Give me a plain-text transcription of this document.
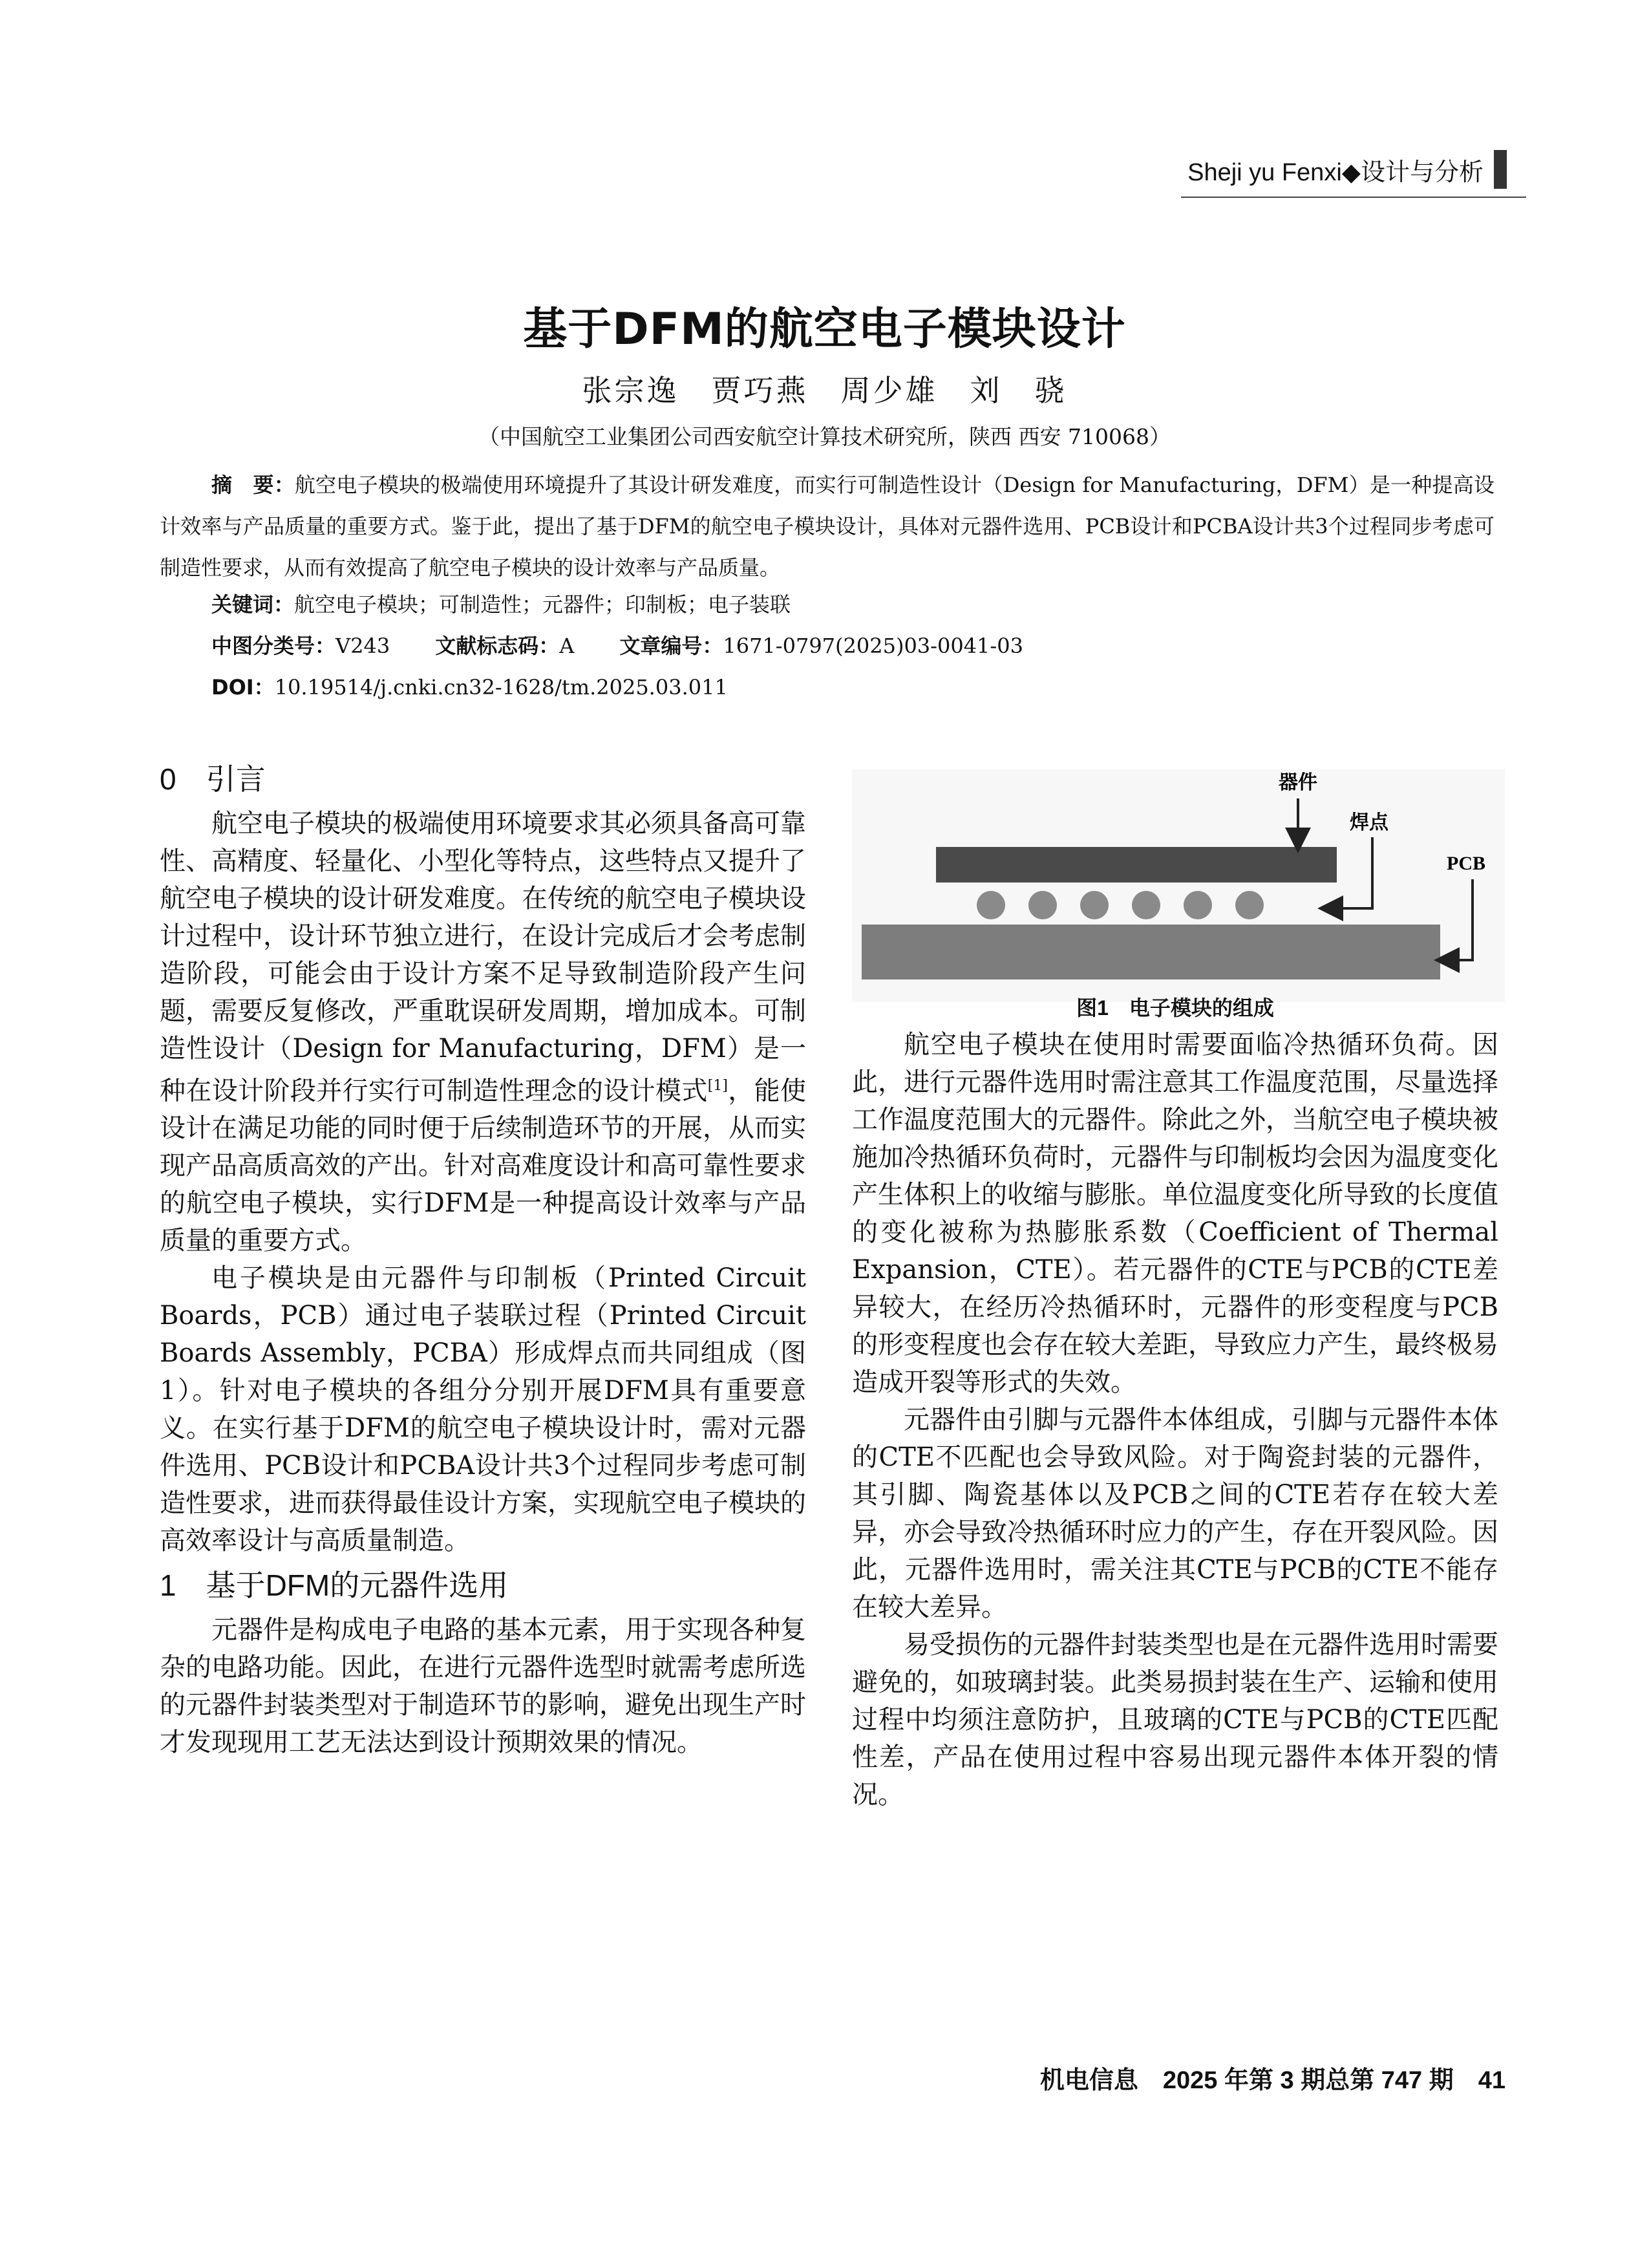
Sheji yu Fenxi◆设计与分析
基于DFM的航空电子模块设计
张宗逸　贾巧燕　周少雄　刘　骁
（中国航空工业集团公司西安航空计算技术研究所，陕西 西安 710068）
摘　要：航空电子模块的极端使用环境提升了其设计研发难度，而实行可制造性设计（Design for Manufacturing，DFM）是一种提高设计效率与产品质量的重要方式。鉴于此，提出了基于DFM的航空电子模块设计，具体对元器件选用、PCB设计和PCBA设计共3个过程同步考虑可制造性要求，从而有效提高了航空电子模块的设计效率与产品质量。
关键词：航空电子模块；可制造性；元器件；印制板；电子装联
中图分类号：V243 文献标志码：A 文章编号：1671-0797(2025)03-0041-03
DOI：10.19514/j.cnki.cn32-1628/tm.2025.03.011

0　引言

航空电子模块的极端使用环境要求其必须具备高可靠性、高精度、轻量化、小型化等特点，这些特点又提升了航空电子模块的设计研发难度。在传统的航空电子模块设计过程中，设计环节独立进行，在设计完成后才会考虑制造阶段，可能会由于设计方案不足导致制造阶段产生问题，需要反复修改，严重耽误研发周期，增加成本。可制造性设计（Design for Manufacturing，DFM）是一种在设计阶段并行实行可制造性理念的设计模式[1]，能使设计在满足功能的同时便于后续制造环节的开展，从而实现产品高质高效的产出。针对高难度设计和高可靠性要求的航空电子模块，实行DFM是一种提高设计效率与产品质量的重要方式。

电子模块是由元器件与印制板（Printed Circuit Boards，PCB）通过电子装联过程（Printed Circuit Boards Assembly，PCBA）形成焊点而共同组成（图1）。针对电子模块的各组分分别开展DFM具有重要意义。在实行基于DFM的航空电子模块设计时，需对元器件选用、PCB设计和PCBA设计共3个过程同步考虑可制造性要求，进而获得最佳设计方案，实现航空电子模块的高效率设计与高质量制造。

1　基于DFM的元器件选用

元器件是构成电子电路的基本元素，用于实现各种复杂的电路功能。因此，在进行元器件选型时就需考虑所选的元器件封装类型对于制造环节的影响，避免出现生产时才发现现用工艺无法达到设计预期效果的情况。

器件
焊点
PCB
图1　电子模块的组成

航空电子模块在使用时需要面临冷热循环负荷。因此，进行元器件选用时需注意其工作温度范围，尽量选择工作温度范围大的元器件。除此之外，当航空电子模块被施加冷热循环负荷时，元器件与印制板均会因为温度变化产生体积上的收缩与膨胀。单位温度变化所导致的长度值的变化被称为热膨胀系数（Coefficient of Thermal Expansion，CTE）。若元器件的CTE与PCB的CTE差异较大，在经历冷热循环时，元器件的形变程度与PCB的形变程度也会存在较大差距，导致应力产生，最终极易造成开裂等形式的失效。

元器件由引脚与元器件本体组成，引脚与元器件本体的CTE不匹配也会导致风险。对于陶瓷封装的元器件，其引脚、陶瓷基体以及PCB之间的CTE若存在较大差异，亦会导致冷热循环时应力的产生，存在开裂风险。因此，元器件选用时，需关注其CTE与PCB的CTE不能存在较大差异。

易受损伤的元器件封装类型也是在元器件选用时需要避免的，如玻璃封装。此类易损封装在生产、运输和使用过程中均须注意防护，且玻璃的CTE与PCB的CTE匹配性差，产品在使用过程中容易出现元器件本体开裂的情况。

机电信息　2025 年第 3 期总第 747 期　41
